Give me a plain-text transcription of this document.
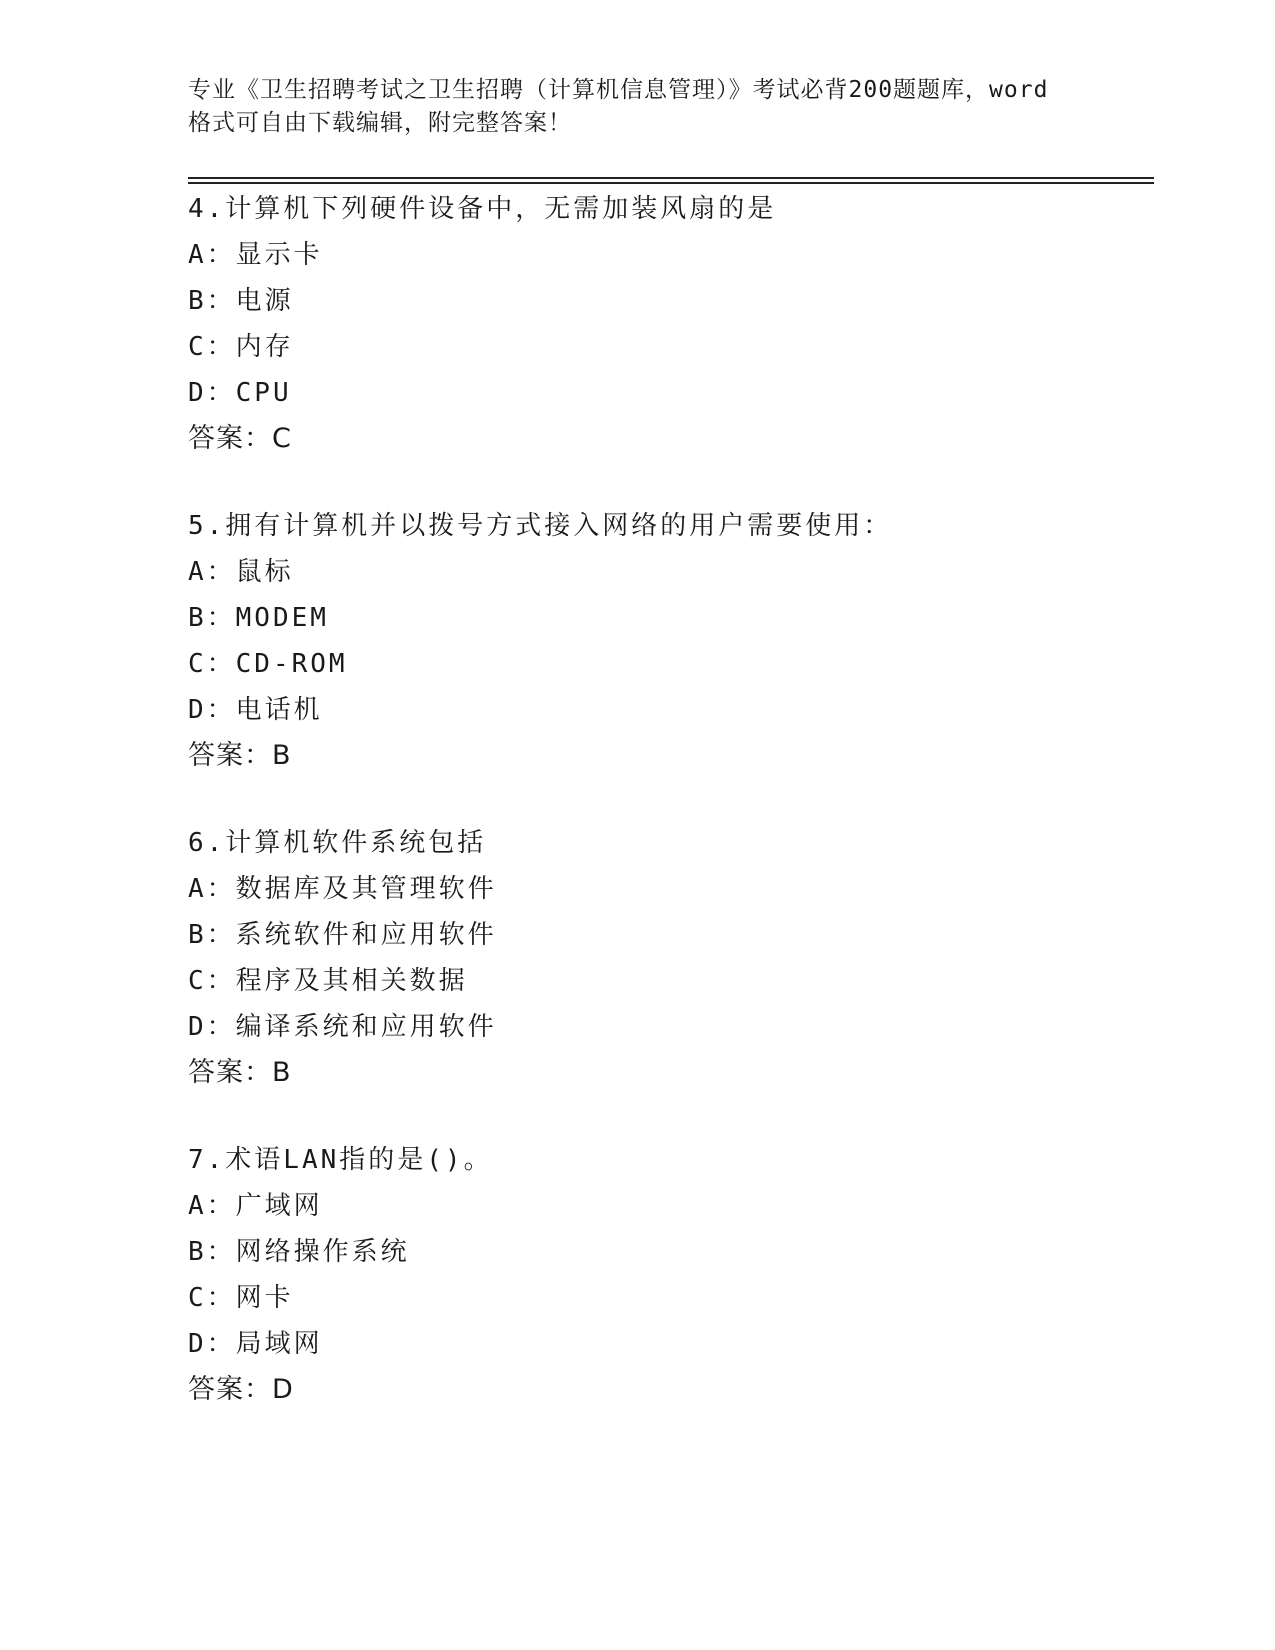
专业《卫生招聘考试之卫生招聘（计算机信息管理）》考试必背200题题库，word
格式可自由下载编辑，附完整答案！
4.计算机下列硬件设备中，无需加装风扇的是
A：显示卡
B：电源
C：内存
D：CPU
答案：C
5.拥有计算机并以拨号方式接入网络的用户需要使用：
A：鼠标
B：MODEM
C：CD-ROM
D：电话机
答案：B
6.计算机软件系统包括
A：数据库及其管理软件
B：系统软件和应用软件
C：程序及其相关数据
D：编译系统和应用软件
答案：B
7.术语LAN指的是()。
A：广域网
B：网络操作系统
C：网卡
D：局域网
答案：D
